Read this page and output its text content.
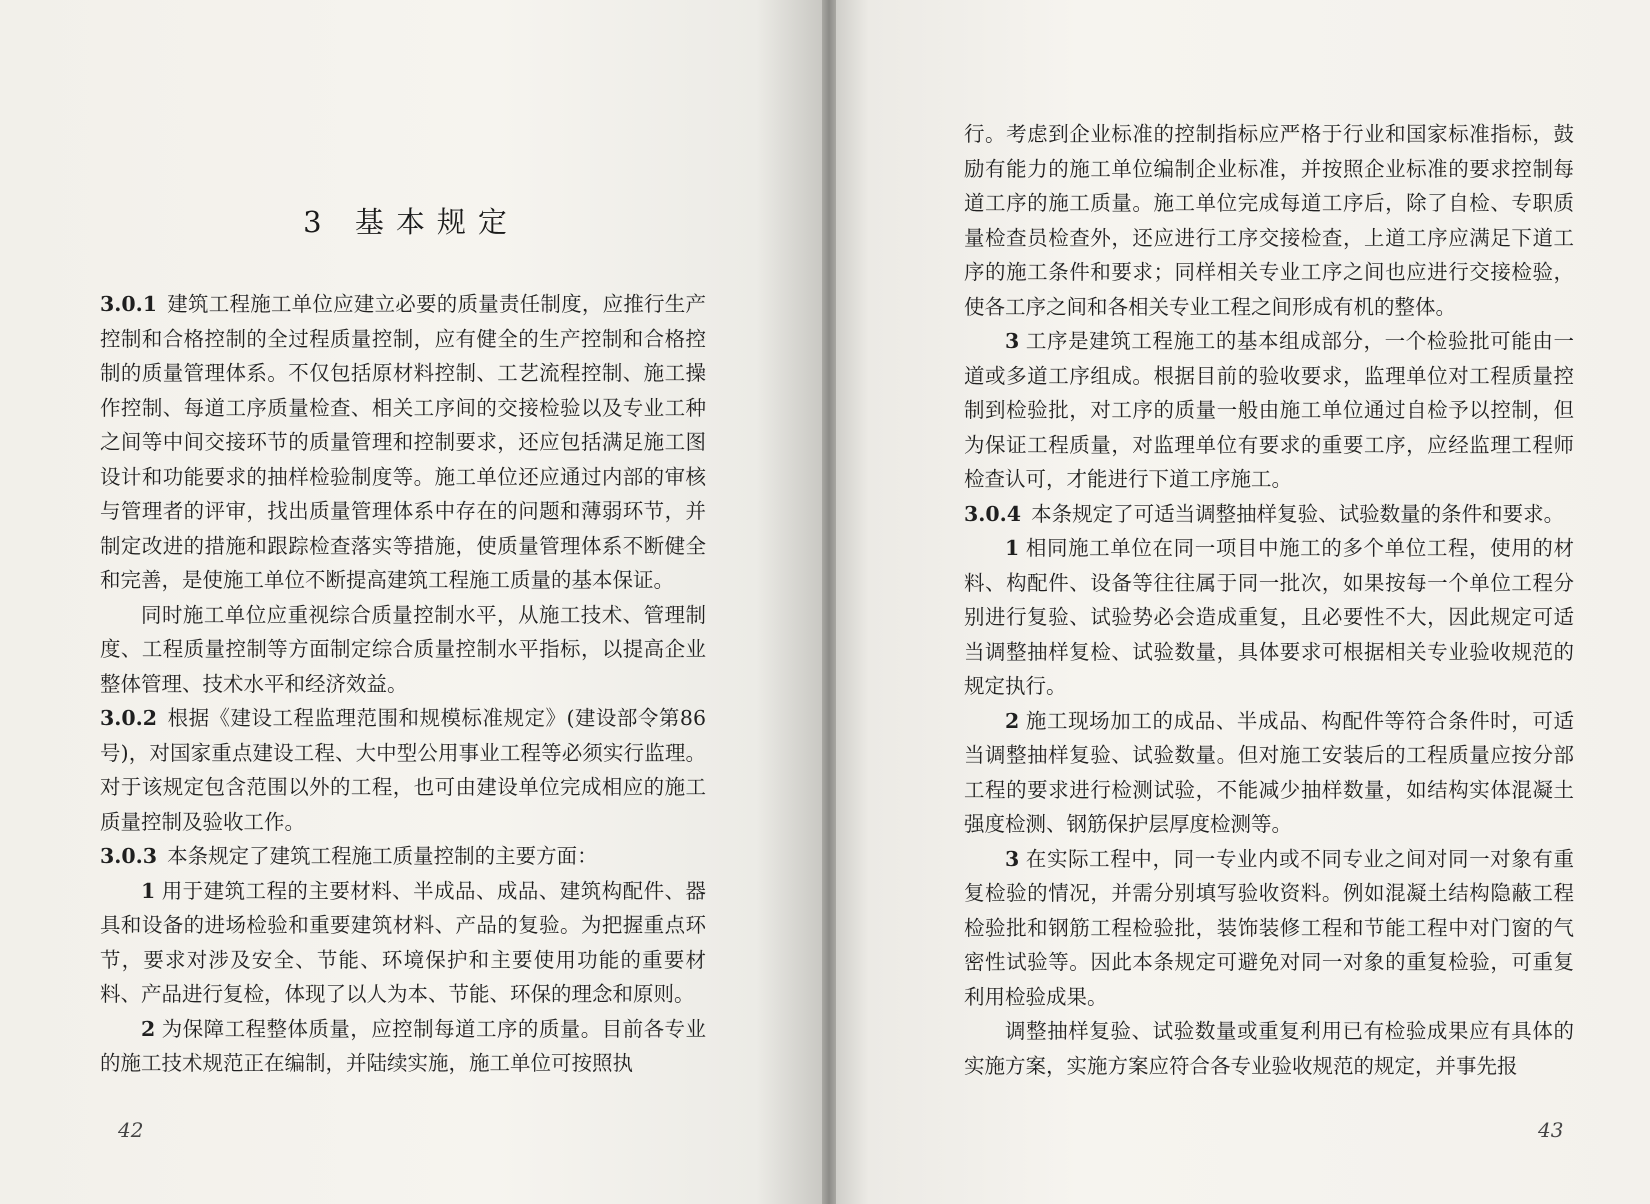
3 基本规定

3.0.1 建筑工程施工单位应建立必要的质量责任制度，应推行生产控制和合格控制的全过程质量控制，应有健全的生产控制和合格控制的质量管理体系。不仅包括原材料控制、工艺流程控制、施工操作控制、每道工序质量检查、相关工序间的交接检验以及专业工种之间等中间交接环节的质量管理和控制要求，还应包括满足施工图设计和功能要求的抽样检验制度等。施工单位还应通过内部的审核与管理者的评审，找出质量管理体系中存在的问题和薄弱环节，并制定改进的措施和跟踪检查落实等措施，使质量管理体系不断健全和完善，是使施工单位不断提高建筑工程施工质量的基本保证。

同时施工单位应重视综合质量控制水平，从施工技术、管理制度、工程质量控制等方面制定综合质量控制水平指标，以提高企业整体管理、技术水平和经济效益。

3.0.2 根据《建设工程监理范围和规模标准规定》(建设部令第86号)，对国家重点建设工程、大中型公用事业工程等必须实行监理。对于该规定包含范围以外的工程，也可由建设单位完成相应的施工质量控制及验收工作。

3.0.3 本条规定了建筑工程施工质量控制的主要方面：

1 用于建筑工程的主要材料、半成品、成品、建筑构配件、器具和设备的进场检验和重要建筑材料、产品的复验。为把握重点环节，要求对涉及安全、节能、环境保护和主要使用功能的重要材料、产品进行复检，体现了以人为本、节能、环保的理念和原则。

2 为保障工程整体质量，应控制每道工序的质量。目前各专业的施工技术规范正在编制，并陆续实施，施工单位可按照执

42

行。考虑到企业标准的控制指标应严格于行业和国家标准指标，鼓励有能力的施工单位编制企业标准，并按照企业标准的要求控制每道工序的施工质量。施工单位完成每道工序后，除了自检、专职质量检查员检查外，还应进行工序交接检查，上道工序应满足下道工序的施工条件和要求；同样相关专业工序之间也应进行交接检验，使各工序之间和各相关专业工程之间形成有机的整体。

3 工序是建筑工程施工的基本组成部分，一个检验批可能由一道或多道工序组成。根据目前的验收要求，监理单位对工程质量控制到检验批，对工序的质量一般由施工单位通过自检予以控制，但为保证工程质量，对监理单位有要求的重要工序，应经监理工程师检查认可，才能进行下道工序施工。

3.0.4 本条规定了可适当调整抽样复验、试验数量的条件和要求。

1 相同施工单位在同一项目中施工的多个单位工程，使用的材料、构配件、设备等往往属于同一批次，如果按每一个单位工程分别进行复验、试验势必会造成重复，且必要性不大，因此规定可适当调整抽样复检、试验数量，具体要求可根据相关专业验收规范的规定执行。

2 施工现场加工的成品、半成品、构配件等符合条件时，可适当调整抽样复验、试验数量。但对施工安装后的工程质量应按分部工程的要求进行检测试验，不能减少抽样数量，如结构实体混凝土强度检测、钢筋保护层厚度检测等。

3 在实际工程中，同一专业内或不同专业之间对同一对象有重复检验的情况，并需分别填写验收资料。例如混凝土结构隐蔽工程检验批和钢筋工程检验批，装饰装修工程和节能工程中对门窗的气密性试验等。因此本条规定可避免对同一对象的重复检验，可重复利用检验成果。

调整抽样复验、试验数量或重复利用已有检验成果应有具体的实施方案，实施方案应符合各专业验收规范的规定，并事先报

43
